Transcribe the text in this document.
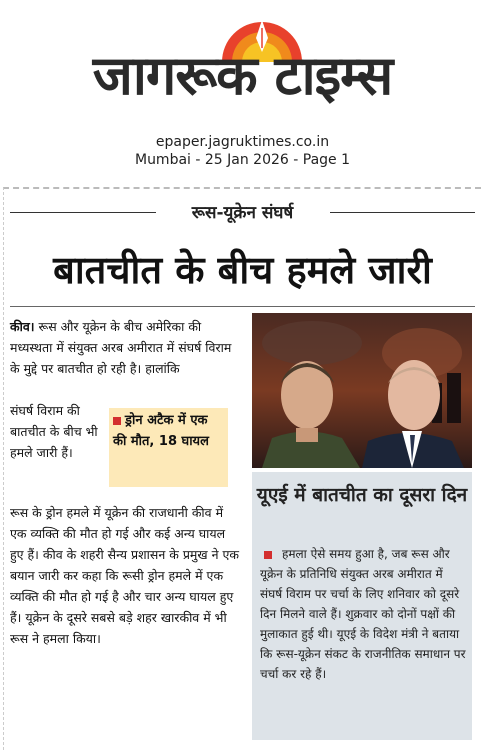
जागरूक टाइम्स
epaper.jagruktimes.co.in
Mumbai - 25 Jan 2026 - Page 1
रूस-यूक्रेन संघर्ष
बातचीत के बीच हमले जारी

कीव। रूस और यूक्रेन के बीच अमेरिका की मध्यस्थता में संयुक्त अरब अमीरात में संघर्ष विराम के मुद्दे पर बातचीत हो रही है। हालांकि

संघर्ष विराम की बातचीत के बीच भी हमले जारी हैं।

रूस के ड्रोन हमले में यूक्रेन की राजधानी कीव में एक व्यक्ति की मौत हो गई और कई अन्य घायल हुए हैं। कीव के शहरी सैन्य प्रशासन के प्रमुख ने एक बयान जारी कर कहा कि रूसी ड्रोन हमले में एक व्यक्ति की मौत हो गई है और चार अन्य घायल हुए हैं। यूक्रेन के दूसरे सबसे बड़े शहर खारकीव में भी रूस ने हमला किया।

ड्रोन अटैक में एक की मौत, 18 घायल
यूएई में बातचीत का दूसरा दिन
हमला ऐसे समय हुआ है, जब रूस और यूक्रेन के प्रतिनिधि संयुक्त अरब अमीरात में संघर्ष विराम पर चर्चा के लिए शनिवार को दूसरे दिन मिलने वाले हैं। शुक्रवार को दोनों पक्षों की मुलाकात हुई थी। यूएई के विदेश मंत्री ने बताया कि रूस-यूक्रेन संकट के राजनीतिक समाधान पर चर्चा कर रहे हैं।
